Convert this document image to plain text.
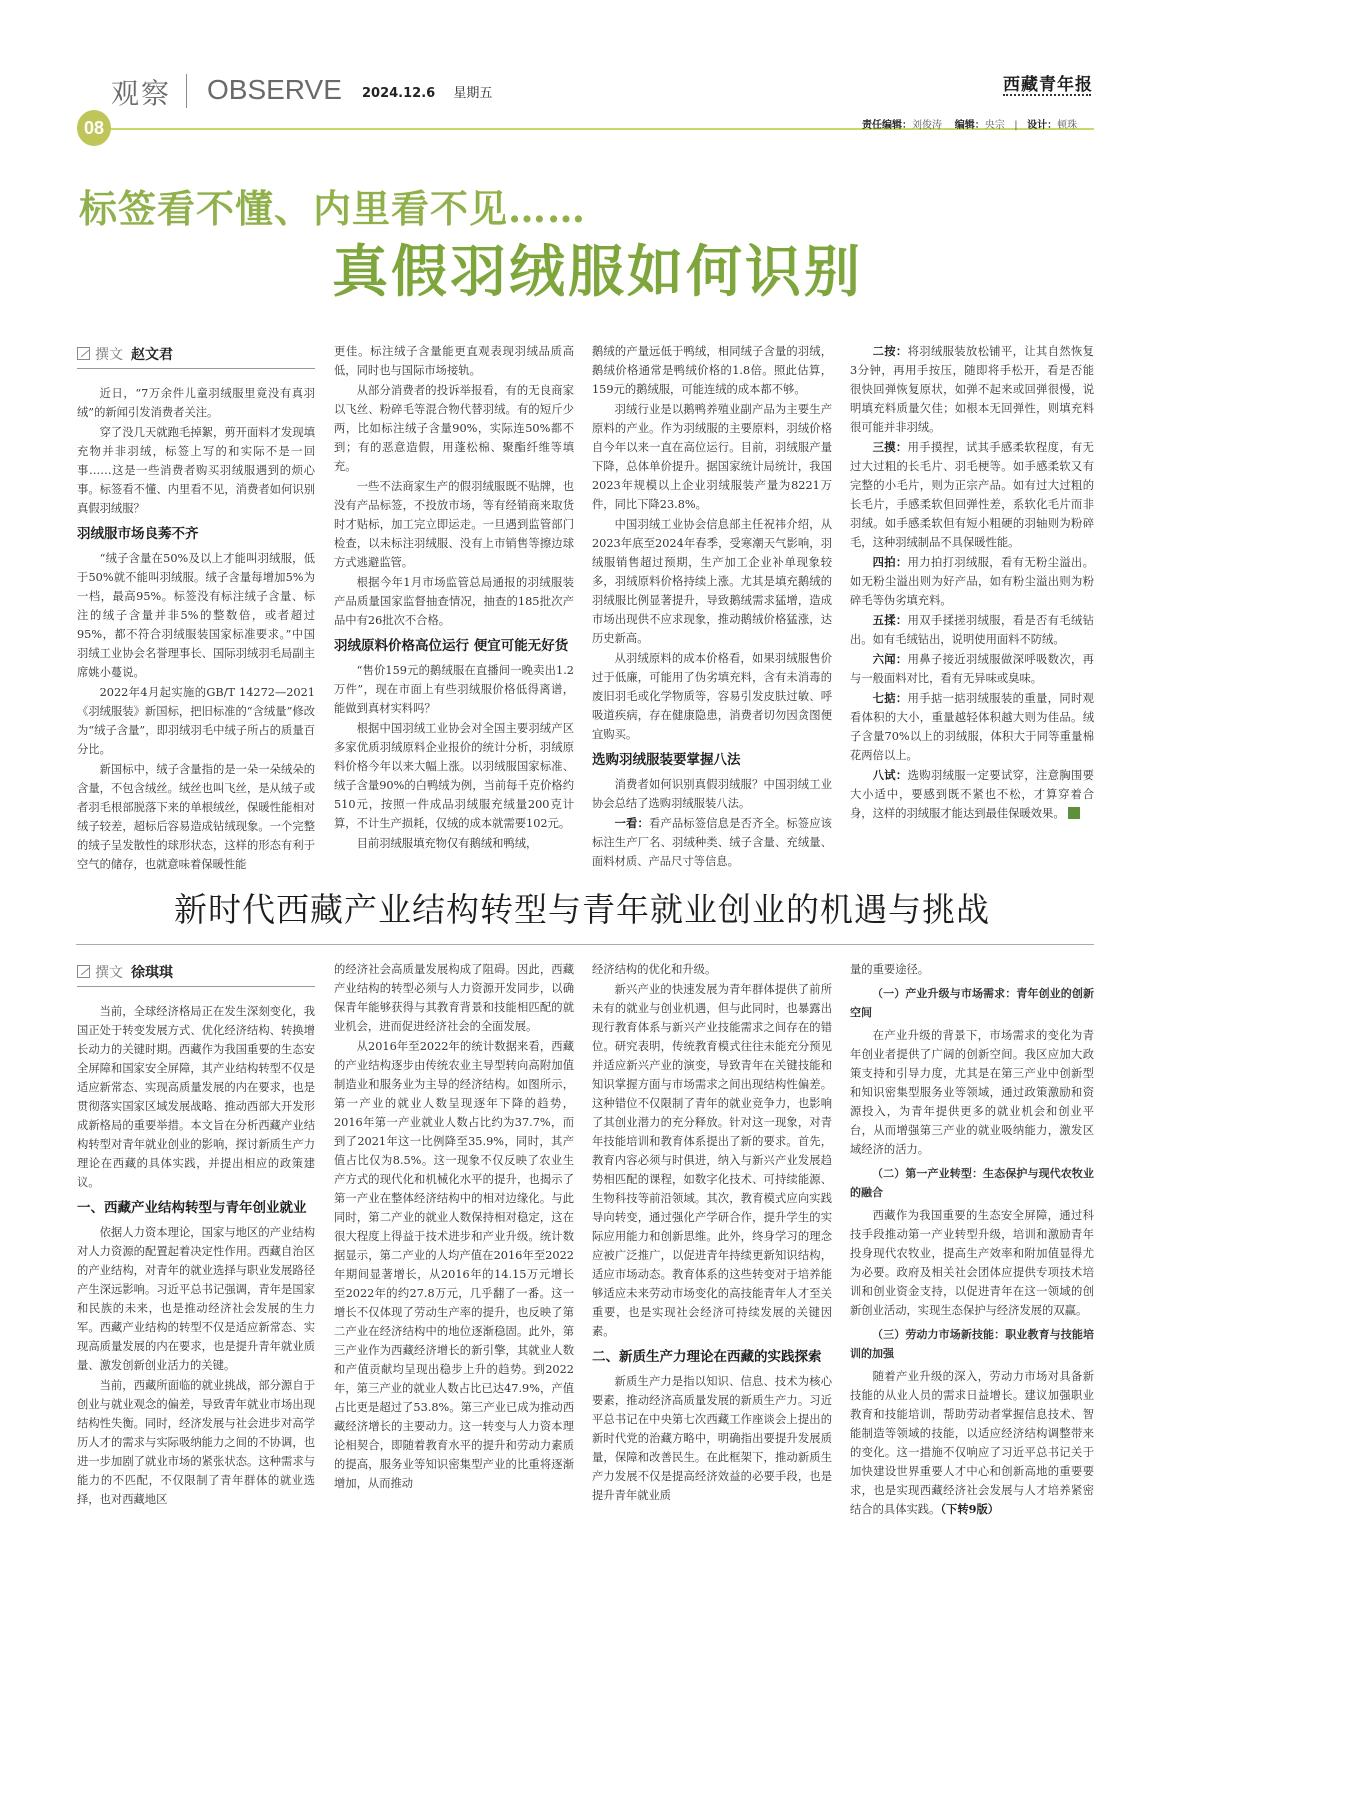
观察 OBSERVE 2024.12.6 星期五	西藏青年报
08	责任编辑：刘俊涛 编辑：央宗   |   设计：顿珠
标签看不懂、内里看不见……
真假羽绒服如何识别
撰文 赵文君

近日，“7万余件儿童羽绒服里竟没有真羽绒”的新闻引发消费者关注。

穿了没几天就跑毛掉絮，剪开面料才发现填充物并非羽绒，标签上写的和实际不是一回事……这是一些消费者购买羽绒服遇到的烦心事。标签看不懂、内里看不见，消费者如何识别真假羽绒服？

羽绒服市场良莠不齐

“绒子含量在50%及以上才能叫羽绒服，低于50%就不能叫羽绒服。绒子含量每增加5%为一档，最高95%。标签没有标注绒子含量、标注的绒子含量并非5%的整数倍，或者超过95%，都不符合羽绒服装国家标准要求。”中国羽绒工业协会名誉理事长、国际羽绒羽毛局副主席姚小蔓说。

2022年4月起实施的GB/T 14272—2021《羽绒服装》新国标，把旧标准的“含绒量”修改为“绒子含量”，即羽绒羽毛中绒子所占的质量百分比。

新国标中，绒子含量指的是一朵一朵绒朵的含量，不包含绒丝。绒丝也叫飞丝，是从绒子或者羽毛根部脱落下来的单根绒丝，保暖性能相对绒子较差，超标后容易造成钻绒现象。一个完整的绒子呈发散性的球形状态，这样的形态有利于空气的储存，也就意味着保暖性能

更佳。标注绒子含量能更直观表现羽绒品质高低，同时也与国际市场接轨。

从部分消费者的投诉举报看，有的无良商家以飞丝、粉碎毛等混合物代替羽绒。有的短斤少两，比如标注绒子含量90%，实际连50%都不到；有的恶意造假，用蓬松棉、聚酯纤维等填充。

一些不法商家生产的假羽绒服既不贴牌，也没有产品标签，不投放市场，等有经销商来取货时才贴标，加工完立即运走。一旦遇到监管部门检查，以未标注羽绒服、没有上市销售等擦边球方式逃避监管。

根据今年1月市场监管总局通报的羽绒服装产品质量国家监督抽查情况，抽查的185批次产品中有26批次不合格。

羽绒原料价格高位运行 便宜可能无好货

“售价159元的鹅绒服在直播间一晚卖出1.2万件”，现在市面上有些羽绒服价格低得离谱，能做到真材实料吗？

根据中国羽绒工业协会对全国主要羽绒产区多家优质羽绒原料企业报价的统计分析，羽绒原料价格今年以来大幅上涨。以羽绒服国家标准、绒子含量90%的白鸭绒为例，当前每千克价格约510元，按照一件成品羽绒服充绒量200克计算，不计生产损耗，仅绒的成本就需要102元。

目前羽绒服填充物仅有鹅绒和鸭绒，

鹅绒的产量远低于鸭绒，相同绒子含量的羽绒，鹅绒价格通常是鸭绒价格的1.8倍。照此估算，159元的鹅绒服，可能连绒的成本都不够。

羽绒行业是以鹅鸭养殖业副产品为主要生产原料的产业。作为羽绒服的主要原料，羽绒价格自今年以来一直在高位运行。目前，羽绒服产量下降，总体单价提升。据国家统计局统计，我国2023年规模以上企业羽绒服装产量为8221万件，同比下降23.8%。

中国羽绒工业协会信息部主任祝祎介绍，从2023年底至2024年春季，受寒潮天气影响，羽绒服销售超过预期，生产加工企业补单现象较多，羽绒原料价格持续上涨。尤其是填充鹅绒的羽绒服比例显著提升，导致鹅绒需求猛增，造成市场出现供不应求现象，推动鹅绒价格猛涨，达历史新高。

从羽绒原料的成本价格看，如果羽绒服售价过于低廉，可能用了伪劣填充料，含有未消毒的废旧羽毛或化学物质等，容易引发皮肤过敏、呼吸道疾病，存在健康隐患，消费者切勿因贪图便宜购买。

选购羽绒服装要掌握八法

消费者如何识别真假羽绒服？中国羽绒工业协会总结了选购羽绒服装八法。

一看：看产品标签信息是否齐全。标签应该标注生产厂名、羽绒种类、绒子含量、充绒量、面料材质、产品尺寸等信息。

二按：将羽绒服装放松铺平，让其自然恢复3分钟，再用手按压，随即将手松开，看是否能很快回弹恢复原状，如弹不起来或回弹很慢，说明填充料质量欠佳；如根本无回弹性，则填充料很可能并非羽绒。

三摸：用手摸捏，试其手感柔软程度，有无过大过粗的长毛片、羽毛梗等。如手感柔软又有完整的小毛片，则为正宗产品。如有过大过粗的长毛片，手感柔软但回弹性差，系软化毛片而非羽绒。如手感柔软但有短小粗硬的羽轴则为粉碎毛，这种羽绒制品不具保暖性能。

四拍：用力拍打羽绒服，看有无粉尘溢出。如无粉尘溢出则为好产品，如有粉尘溢出则为粉碎毛等伪劣填充料。

五揉：用双手揉搓羽绒服，看是否有毛绒钻出。如有毛绒钻出，说明使用面料不防绒。

六闻：用鼻子接近羽绒服做深呼吸数次，再与一般面料对比，看有无异味或臭味。

七掂：用手掂一掂羽绒服装的重量，同时观看体积的大小，重量越轻体积越大则为佳品。绒子含量70%以上的羽绒服，体积大于同等重量棉花两倍以上。

八试：选购羽绒服一定要试穿，注意胸围要大小适中，要感到既不紧也不松，才算穿着合身，这样的羽绒服才能达到最佳保暖效果。

新时代西藏产业结构转型与青年就业创业的机遇与挑战
撰文 徐琪琪

当前，全球经济格局正在发生深刻变化，我国正处于转变发展方式、优化经济结构、转换增长动力的关键时期。西藏作为我国重要的生态安全屏障和国家安全屏障，其产业结构转型不仅是适应新常态、实现高质量发展的内在要求，也是贯彻落实国家区域发展战略、推动西部大开发形成新格局的重要举措。本文旨在分析西藏产业结构转型对青年就业创业的影响，探讨新质生产力理论在西藏的具体实践，并提出相应的政策建议。

一、西藏产业结构转型与青年创业就业

依据人力资本理论，国家与地区的产业结构对人力资源的配置起着决定性作用。西藏自治区的产业结构，对青年的就业选择与职业发展路径产生深远影响。习近平总书记强调，青年是国家和民族的未来，也是推动经济社会发展的生力军。西藏产业结构的转型不仅是适应新常态、实现高质量发展的内在要求，也是提升青年就业质量、激发创新创业活力的关键。

当前，西藏所面临的就业挑战，部分源自于创业与就业观念的偏差，导致青年就业市场出现结构性失衡。同时，经济发展与社会进步对高学历人才的需求与实际吸纳能力之间的不协调，也进一步加剧了就业市场的紧张状态。这种需求与能力的不匹配，不仅限制了青年群体的就业选择，也对西藏地区

的经济社会高质量发展构成了阻碍。因此，西藏产业结构的转型必须与人力资源开发同步，以确保青年能够获得与其教育背景和技能相匹配的就业机会，进而促进经济社会的全面发展。

从2016年至2022年的统计数据来看，西藏的产业结构逐步由传统农业主导型转向高附加值制造业和服务业为主导的经济结构。如图所示，第一产业的就业人数呈现逐年下降的趋势，2016年第一产业就业人数占比约为37.7%，而到了2021年这一比例降至35.9%，同时，其产值占比仅为8.5%。这一现象不仅反映了农业生产方式的现代化和机械化水平的提升，也揭示了第一产业在整体经济结构中的相对边缘化。与此同时，第二产业的就业人数保持相对稳定，这在很大程度上得益于技术进步和产业升级。统计数据显示，第二产业的人均产值在2016年至2022年期间显著增长，从2016年的14.15万元增长至2022年的约27.8万元，几乎翻了一番。这一增长不仅体现了劳动生产率的提升，也反映了第二产业在经济结构中的地位逐渐稳固。此外，第三产业作为西藏经济增长的新引擎，其就业人数和产值贡献均呈现出稳步上升的趋势。到2022年，第三产业的就业人数占比已达47.9%，产值占比更是超过了53.8%。第三产业已成为推动西藏经济增长的主要动力。这一转变与人力资本理论相契合，即随着教育水平的提升和劳动力素质的提高，服务业等知识密集型产业的比重将逐渐增加，从而推动

经济结构的优化和升级。

新兴产业的快速发展为青年群体提供了前所未有的就业与创业机遇，但与此同时，也暴露出现行教育体系与新兴产业技能需求之间存在的错位。研究表明，传统教育模式往往未能充分预见并适应新兴产业的演变，导致青年在关键技能和知识掌握方面与市场需求之间出现结构性偏差。这种错位不仅限制了青年的就业竞争力，也影响了其创业潜力的充分释放。针对这一现象，对青年技能培训和教育体系提出了新的要求。首先，教育内容必须与时俱进，纳入与新兴产业发展趋势相匹配的课程，如数字化技术、可持续能源、生物科技等前沿领域。其次，教育模式应向实践导向转变，通过强化产学研合作，提升学生的实际应用能力和创新思维。此外，终身学习的理念应被广泛推广，以促进青年持续更新知识结构，适应市场动态。教育体系的这些转变对于培养能够适应未来劳动市场变化的高技能青年人才至关重要，也是实现社会经济可持续发展的关键因素。

二、新质生产力理论在西藏的实践探索

新质生产力是指以知识、信息、技术为核心要素，推动经济高质量发展的新质生产力。习近平总书记在中央第七次西藏工作座谈会上提出的新时代党的治藏方略中，明确指出要提升发展质量，保障和改善民生。在此框架下，推动新质生产力发展不仅是提高经济效益的必要手段，也是提升青年就业质

量的重要途径。

（一）产业升级与市场需求：青年创业的创新空间

在产业升级的背景下，市场需求的变化为青年创业者提供了广阔的创新空间。我区应加大政策支持和引导力度，尤其是在第三产业中创新型和知识密集型服务业等领域，通过政策激励和资源投入，为青年提供更多的就业机会和创业平台，从而增强第三产业的就业吸纳能力，激发区域经济的活力。

（二）第一产业转型：生态保护与现代农牧业的融合

西藏作为我国重要的生态安全屏障，通过科技手段推动第一产业转型升级，培训和激励青年投身现代农牧业，提高生产效率和附加值显得尤为必要。政府及相关社会团体应提供专项技术培训和创业资金支持，以促进青年在这一领域的创新创业活动，实现生态保护与经济发展的双赢。

（三）劳动力市场新技能：职业教育与技能培训的加强

随着产业升级的深入，劳动力市场对具备新技能的从业人员的需求日益增长。建议加强职业教育和技能培训，帮助劳动者掌握信息技术、智能制造等领域的技能，以适应经济结构调整带来的变化。这一措施不仅响应了习近平总书记关于加快建设世界重要人才中心和创新高地的重要要求，也是实现西藏经济社会发展与人才培养紧密结合的具体实践。（下转9版）
